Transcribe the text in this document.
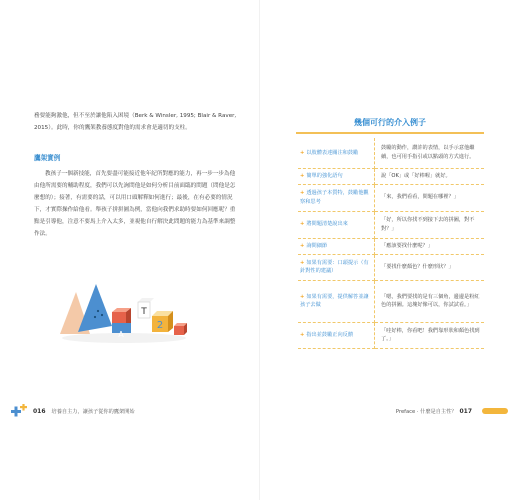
務要能夠激他，但不至於讓他陷入困境（Berk & Winsler, 1995; Blair & Raver, 2015）。此時，你的鷹架教養態度對他的需求會是適切的支柱。

鷹架實例

教孩子一個新技能，首先要盡可能接近他年紀所對應的能力，再一步一步為他由他所需要的輔助程度，我們可以先詢問他是如何分析目前面臨的問題（問他是怎麼想的）；接著，有需要的話，可以用口頭解釋如何進行；最後，在有必要的情況下，才實際操作給他看。舉孩子拼拼圖為例，當他向我們求助時要如何回應呢？重點是引導他，注意不要馬上介入太多，並視他自行解決此問題的能力為基準來調整作法。

A
T
2
016 培養自主力，讓孩子從你的鷹架開始
幾個可行的介入例子
+ 以肢體表達關注和鼓勵	鼓勵的動作，讚許的表情，以手示意他繼續，也可用手指引或以點頭的方式進行。
+ 簡單的強化語句	說「OK」或「好棒喔」就好。
+ 透過孩子本質特，鼓勵他觀察和思考	「來，我們看看，問題在哪裡？」
+ 將問題清楚說出來	「好，所以你找不到接下去的拼圖，對不對？」
+ 詢問細節	「應該要找什麼呢？」
+ 如果有需要：口頭提示（有針對性的建議）	「要找什麼顏色？什麼形狀？」
+ 如果有需要，提供解答並讓孩子去做	「嗯，我們要找的是有三個角，邊邊是粉紅色的拼圖。這塊好像可以，你試試看。」
+ 指出並鼓勵正向反饋	「哇好棒，你看吧！我們靠形狀和顏色找到了。」
Preface · 什麼是自主性？ 017
